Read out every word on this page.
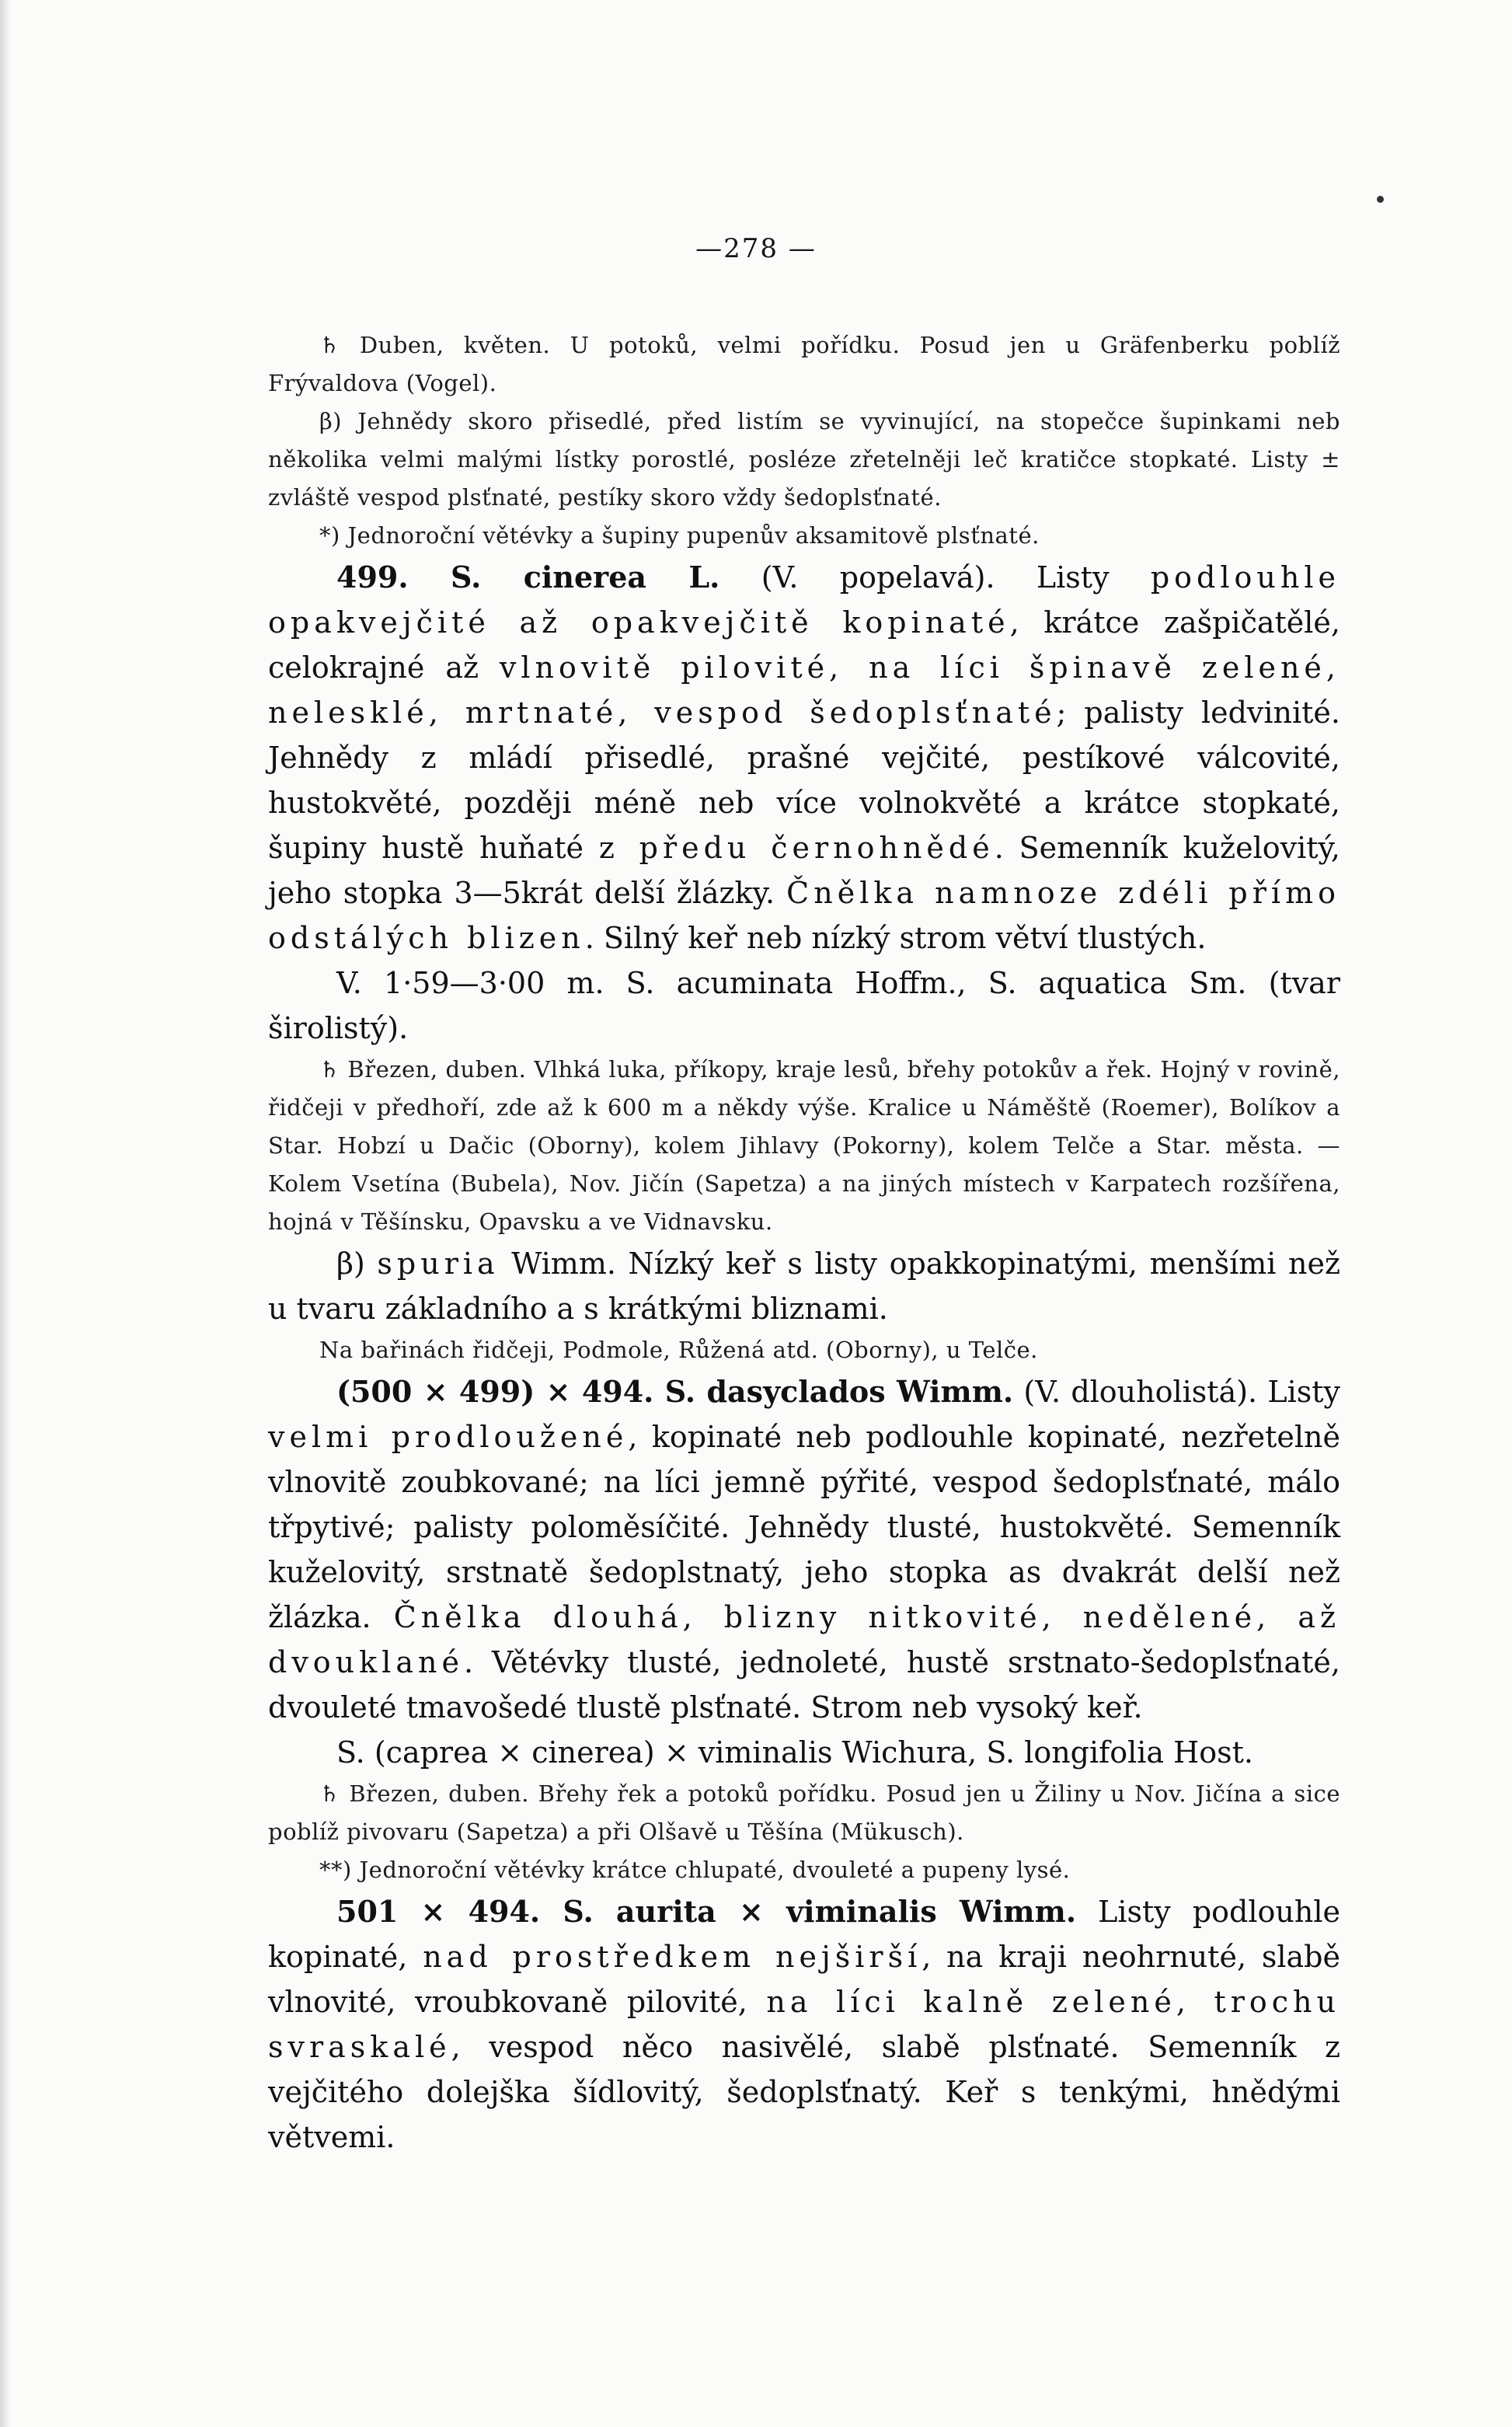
—278 —

♄ Duben, květen. U potoků, velmi pořídku. Posud jen u Gräfenberku poblíž Frývaldova (Vogel).

β) Jehnědy skoro přisedlé, před listím se vyvinující, na stopečce šupinkami neb několika velmi malými lístky porostlé, posléze zřetelněji leč kratičce stopkaté. Listy ± zvláště vespod plsťnaté, pestíky skoro vždy šedoplsťnaté.

*) Jednoroční větévky a šupiny pupenův aksamitově plsťnaté.

499. S. cinerea L. (V. popelavá). Listy podlouhle opakvejčité až opakvejčitě kopinaté, krátce zašpičatělé, celokrajné až vlnovitě pilovité, na líci špinavě zelené, nelesklé, mrtnaté, vespod šedoplsťnaté; palisty ledvinité. Jehnědy z mládí přisedlé, prašné vejčité, pestíkové válcovité, hustokvěté, později méně neb více volnokvěté a krátce stopkaté, šupiny hustě huňaté z předu černohnědé. Semenník kuželovitý, jeho stopka 3—5krát delší žlázky. Čnělka namnoze zdéli přímo odstálých blizen. Silný keř neb nízký strom větví tlustých.

V. 1·59—3·00 m. S. acuminata Hoffm., S. aquatica Sm. (tvar širolistý).

♄ Březen, duben. Vlhká luka, příkopy, kraje lesů, břehy potokův a řek. Hojný v rovině, řidčeji v předhoří, zde až k 600 m a někdy výše. Kralice u Náměště (Roemer), Bolíkov a Star. Hobzí u Dačic (Oborny), kolem Jihlavy (Pokorny), kolem Telče a Star. města. — Kolem Vsetína (Bubela), Nov. Jičín (Sapetza) a na jiných místech v Karpatech rozšířena, hojná v Těšínsku, Opavsku a ve Vidnavsku.

β) spuria Wimm. Nízký keř s listy opakkopinatými, menšími než u tvaru základního a s krátkými bliznami.

Na bařinách řidčeji, Podmole, Růžená atd. (Oborny), u Telče.

(500 × 499) × 494. S. dasyclados Wimm. (V. dlouholistá). Listy velmi prodloužené, kopinaté neb podlouhle kopinaté, nezřetelně vlnovitě zoubkované; na líci jemně pýřité, vespod šedoplsťnaté, málo třpytivé; palisty poloměsíčité. Jehnědy tlusté, hustokvěté. Semenník kuželovitý, srstnatě šedoplstnatý, jeho stopka as dvakrát delší než žlázka. Čnělka dlouhá, blizny nitkovité, nedělené, až dvouklané. Větévky tlusté, jednoleté, hustě srstnato-šedoplsťnaté, dvouleté tmavošedé tlustě plsťnaté. Strom neb vysoký keř.

S. (caprea × cinerea) × viminalis Wichura, S. longifolia Host.

♄ Březen, duben. Břehy řek a potoků pořídku. Posud jen u Žiliny u Nov. Jičína a sice poblíž pivovaru (Sapetza) a při Olšavě u Těšína (Mükusch).

**) Jednoroční větévky krátce chlupaté, dvouleté a pupeny lysé.

501 × 494. S. aurita × viminalis Wimm. Listy podlouhle kopinaté, nad prostředkem nejširší, na kraji neohrnuté, slabě vlnovité, vroubkovaně pilovité, na líci kalně zelené, trochu svraskalé, vespod něco nasivělé, slabě plsťnaté. Semenník z vejčitého dolejška šídlovitý, šedoplsťnatý. Keř s tenkými, hnědými větvemi.
